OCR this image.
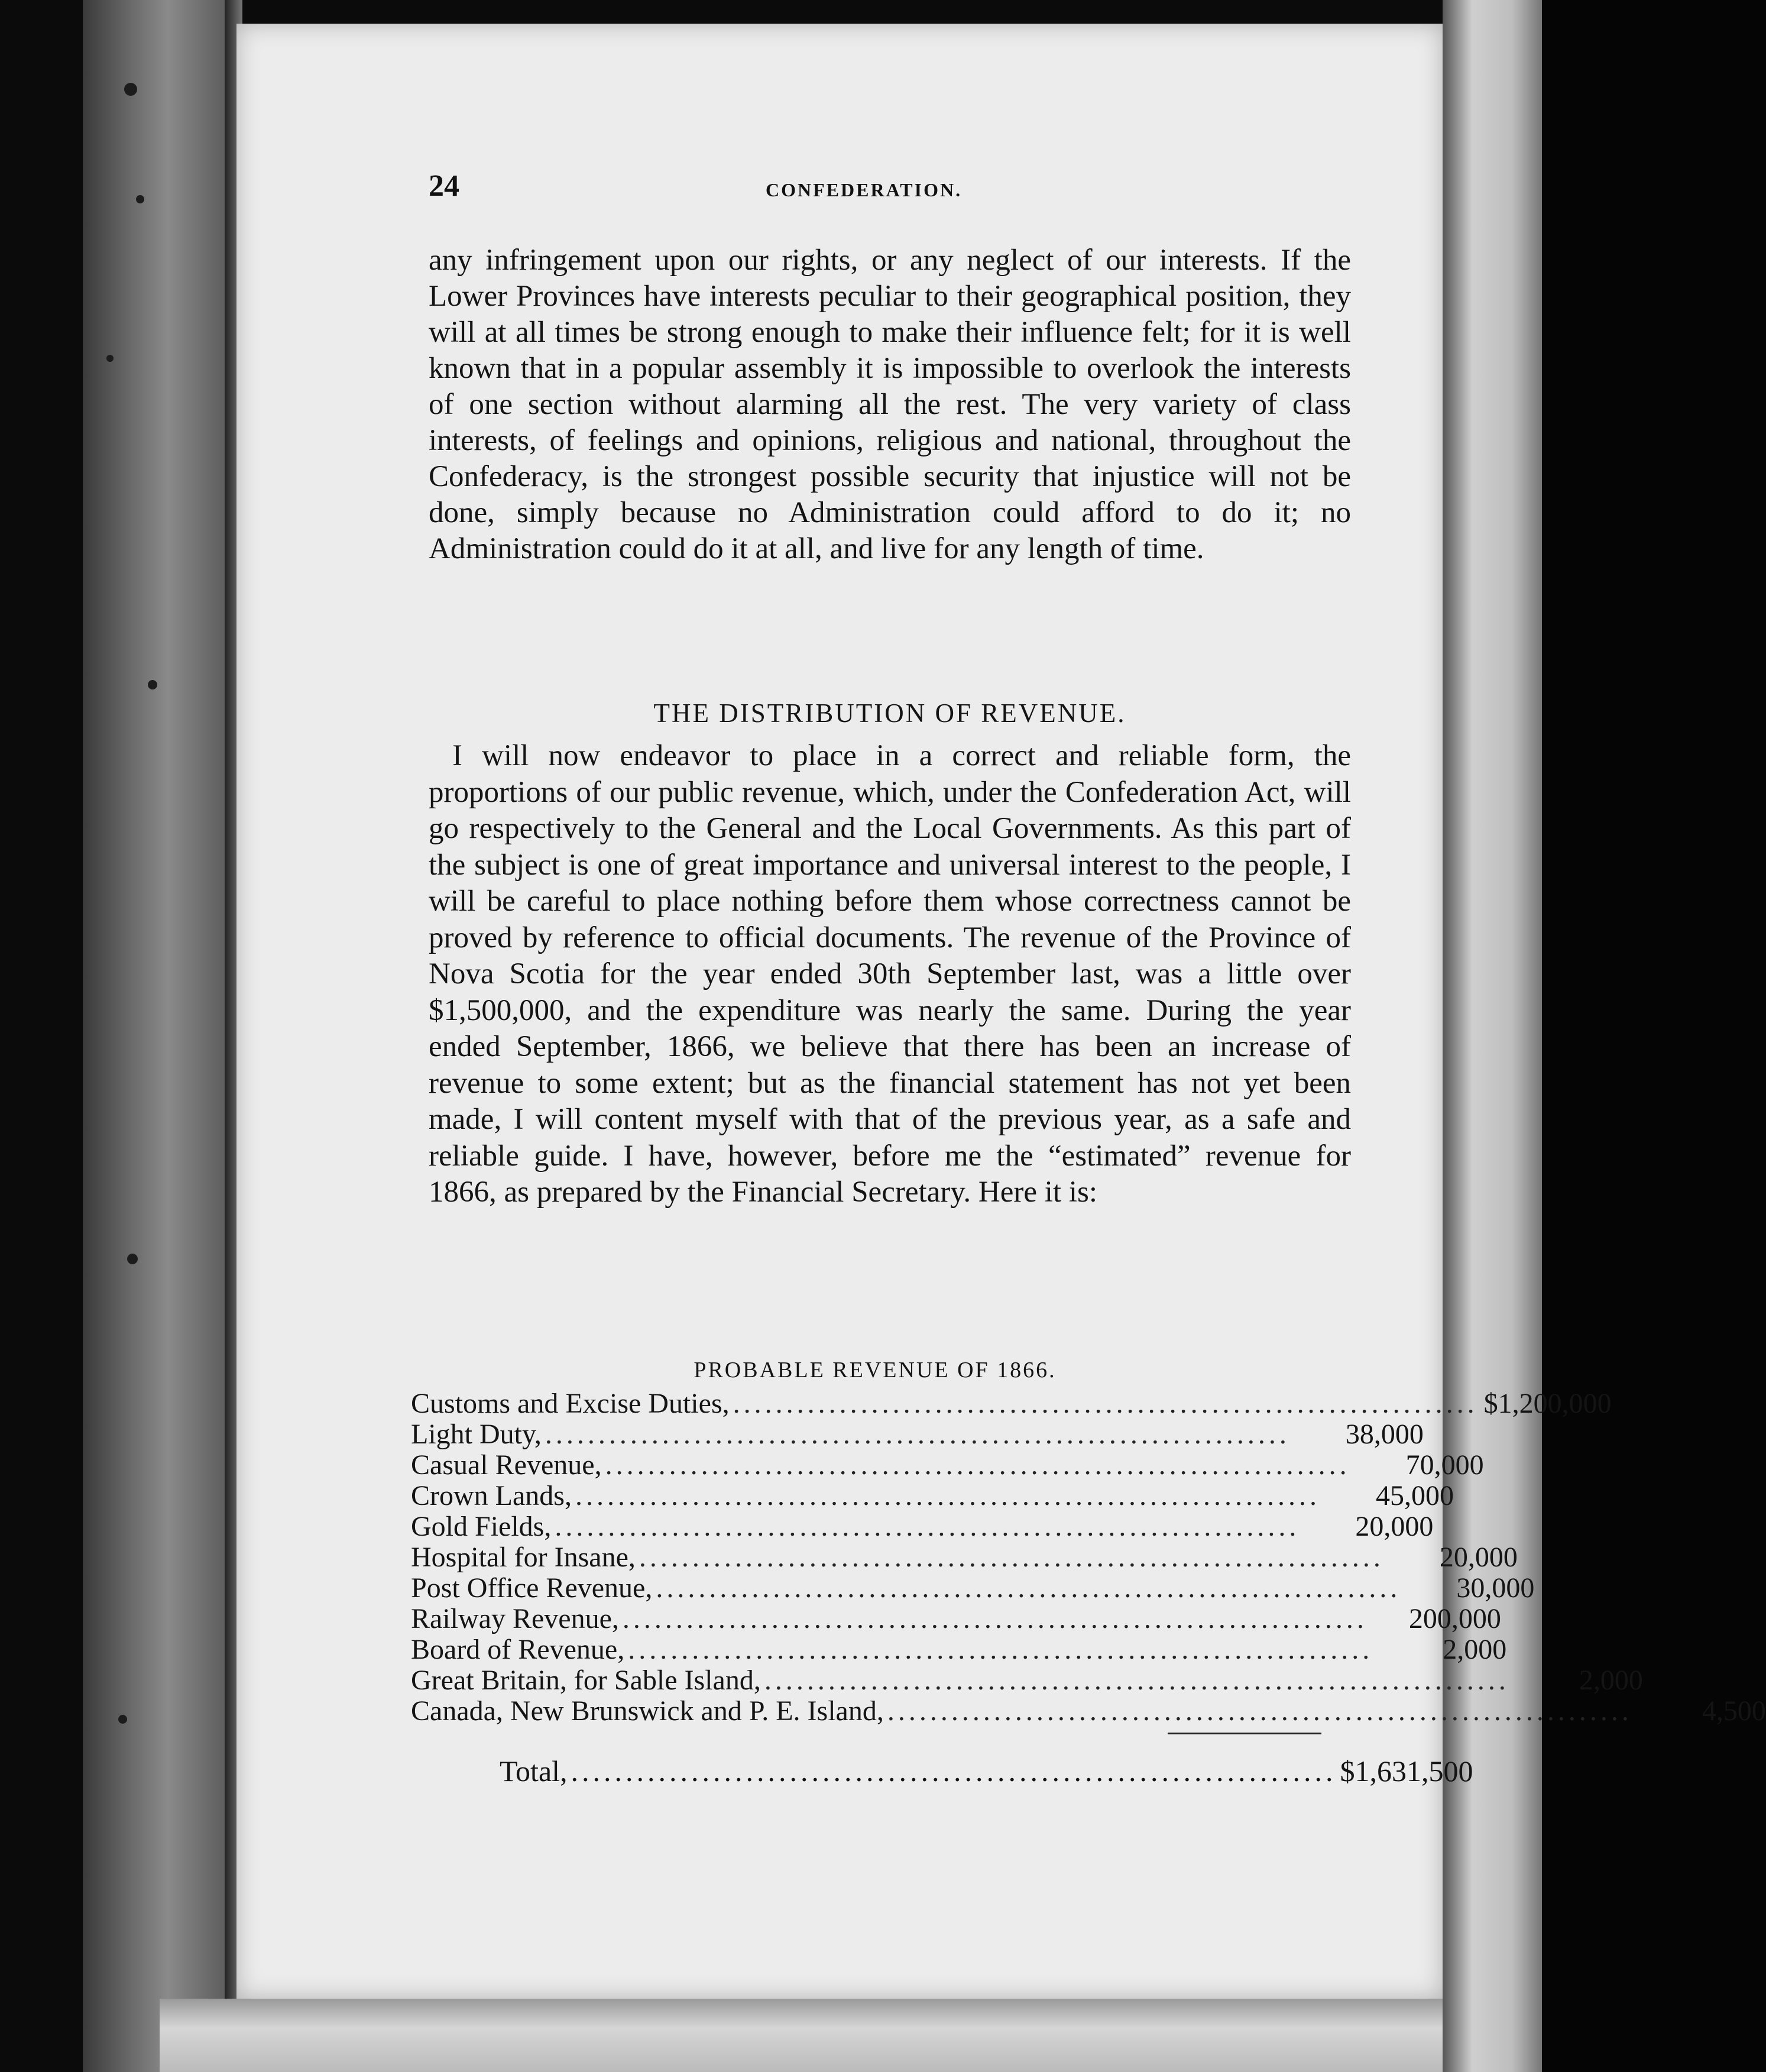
24	CONFEDERATION.

any infringement upon our rights, or any neglect of our interests. If the Lower Provinces have interests peculiar to their geographical position, they will at all times be strong enough to make their influence felt; for it is well known that in a popular assembly it is impossible to overlook the interests of one section without alarming all the rest. The very variety of class interests, of feelings and opinions, religious and national, throughout the Confederacy, is the strongest possible security that injustice will not be done, simply because no Administration could afford to do it; no Administration could do it at all, and live for any length of time.

THE DISTRIBUTION OF REVENUE.

I will now endeavor to place in a correct and reliable form, the proportions of our public revenue, which, under the Confederation Act, will go respectively to the General and the Local Governments. As this part of the subject is one of great importance and universal interest to the people, I will be careful to place nothing before them whose correctness cannot be proved by reference to official documents. The revenue of the Province of Nova Scotia for the year ended 30th September last, was a little over $1,500,000, and the expenditure was nearly the same. During the year ended September, 1866, we believe that there has been an increase of revenue to some extent; but as the financial statement has not yet been made, I will content myself with that of the previous year, as a safe and reliable guide. I have, however, before me the “estimated” revenue for 1866, as prepared by the Financial Secretary. Here it is:

PROBABLE REVENUE OF 1866.
Customs and Excise Duties, ...................................................................... $1,200,000
Light Duty, ......................................................................	38,000
Casual Revenue, ......................................................................	70,000
Crown Lands, ......................................................................	45,000
Gold Fields, ......................................................................	20,000
Hospital for Insane, ......................................................................	20,000
Post Office Revenue, ......................................................................	30,000
Railway Revenue, ......................................................................	200,000
Board of Revenue, ......................................................................	2,000
Great Britain, for Sable Island, ......................................................................	2,000
Canada, New Brunswick and P. E. Island, ......................................................................	4,500
Total, ...................................................................... $1,631,500
